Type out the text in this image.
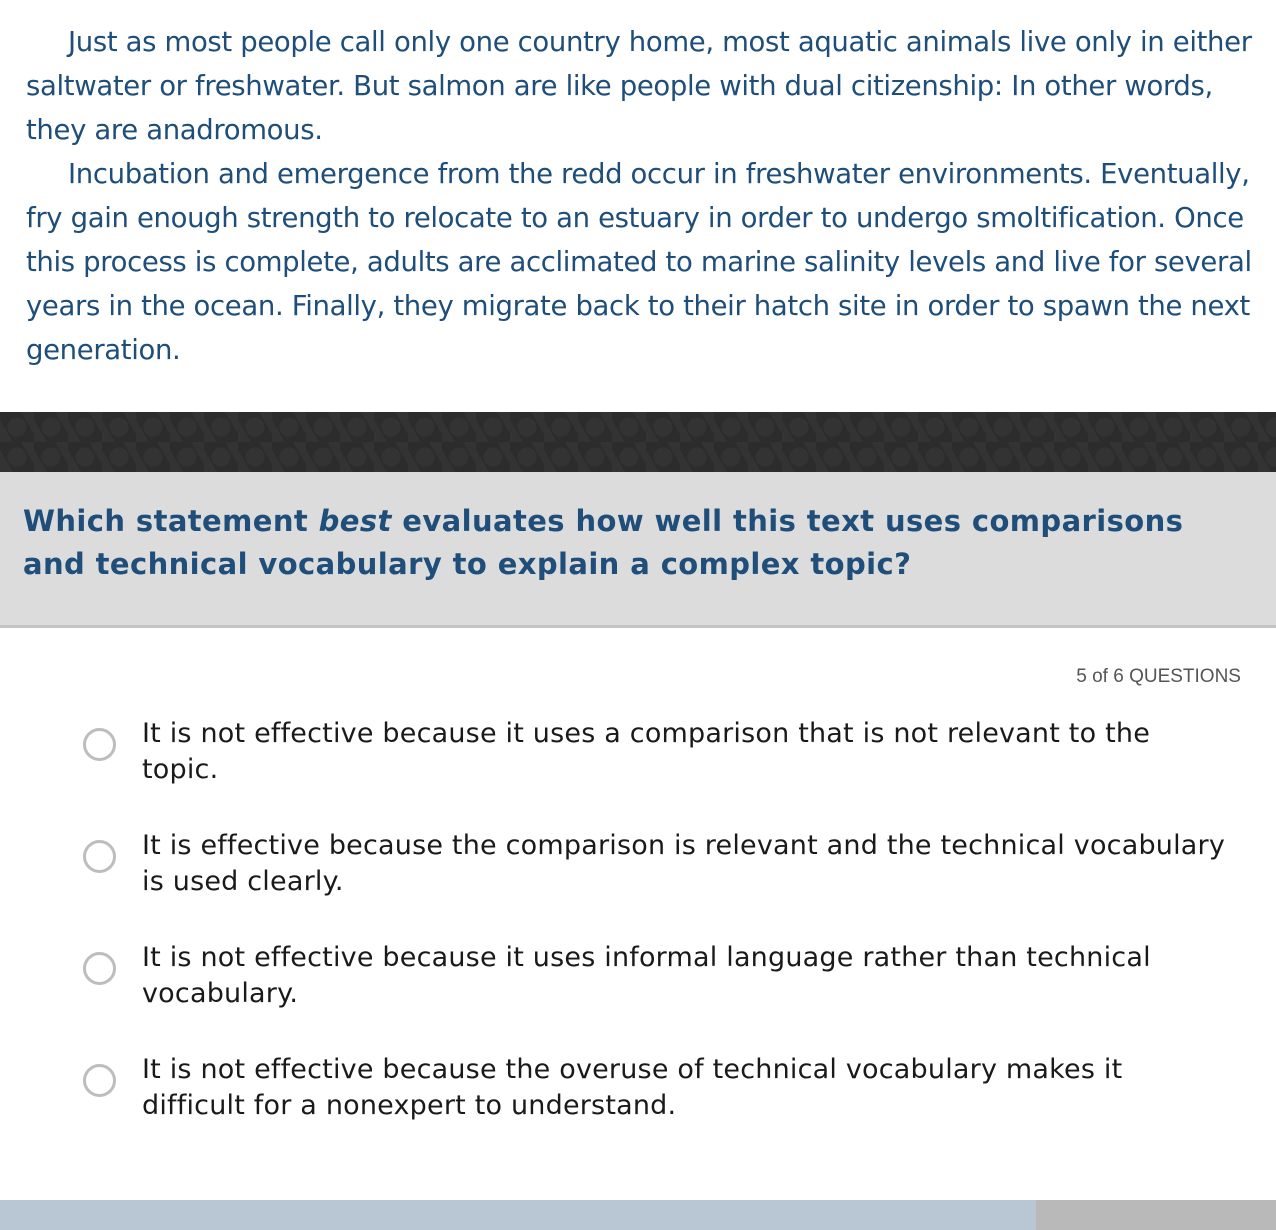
Just as most people call only one country home, most aquatic animals live only in either saltwater or freshwater. But salmon are like people with dual citizenship: In other words, they are anadromous.

Incubation and emergence from the redd occur in freshwater environments. Eventually, fry gain enough strength to relocate to an estuary in order to undergo smoltification. Once this process is complete, adults are acclimated to marine salinity levels and live for several years in the ocean. Finally, they migrate back to their hatch site in order to spawn the next generation.

Which statement best evaluates how well this text uses comparisons and technical vocabulary to explain a complex topic?
5 of 6 QUESTIONS
It is not effective because it uses a comparison that is not relevant to the topic.
It is effective because the comparison is relevant and the technical vocabulary is used clearly.
It is not effective because it uses informal language rather than technical vocabulary.
It is not effective because the overuse of technical vocabulary makes it difficult for a nonexpert to understand.
